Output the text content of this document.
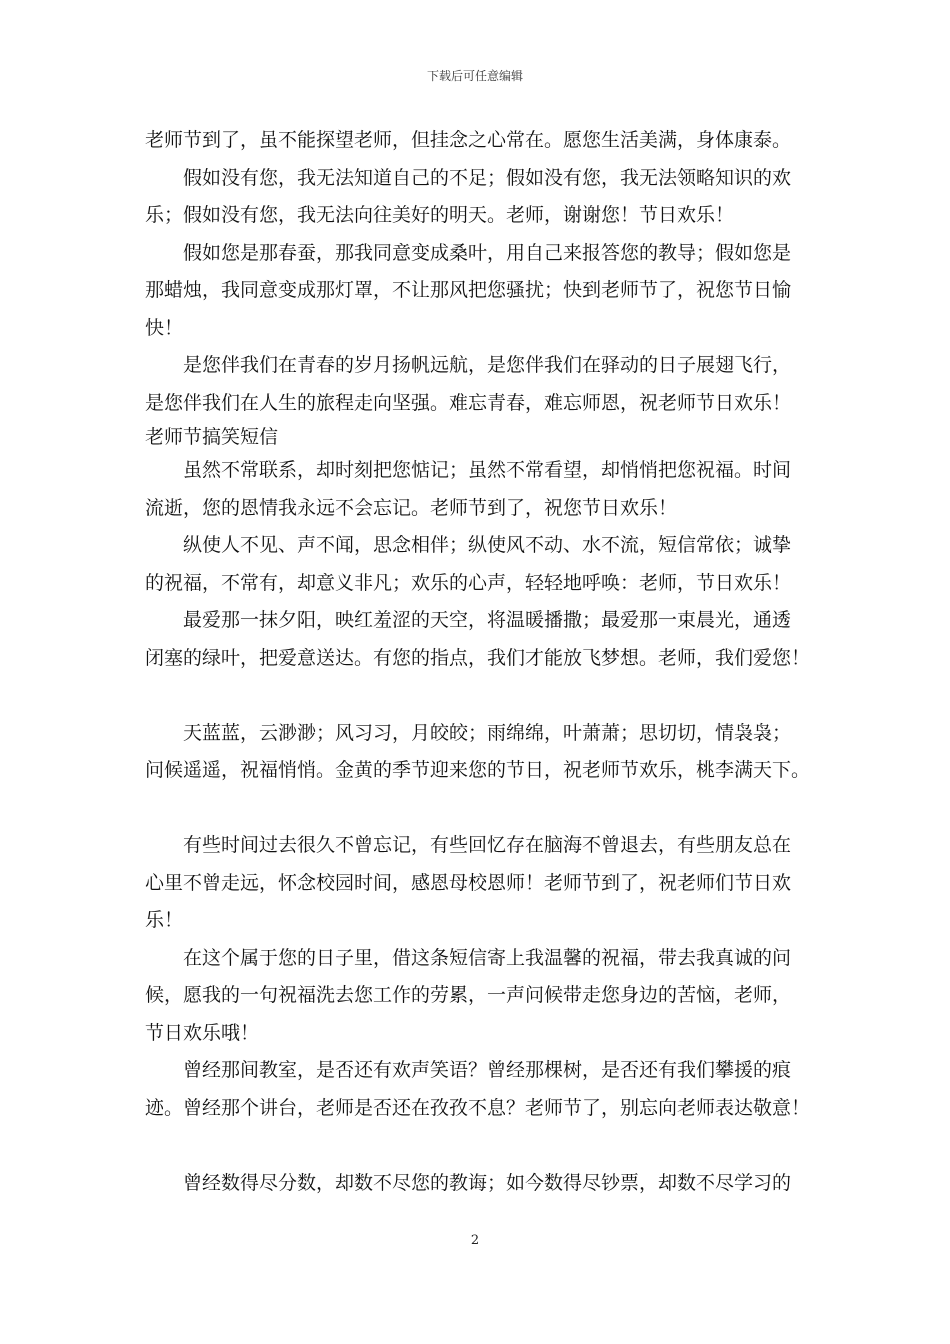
下载后可任意编辑
老师节到了，虽不能探望老师，但挂念之心常在。愿您生活美满，身体康泰。
假如没有您，我无法知道自己的不足；假如没有您，我无法领略知识的欢
乐；假如没有您，我无法向往美好的明天。老师，谢谢您！节日欢乐！
假如您是那春蚕，那我同意变成桑叶，用自己来报答您的教导；假如您是
那蜡烛，我同意变成那灯罩，不让那风把您骚扰；快到老师节了，祝您节日愉
快！
是您伴我们在青春的岁月扬帆远航，是您伴我们在驿动的日子展翅飞行，
是您伴我们在人生的旅程走向坚强。难忘青春，难忘师恩，祝老师节日欢乐！
老师节搞笑短信
虽然不常联系，却时刻把您惦记；虽然不常看望，却悄悄把您祝福。时间
流逝，您的恩情我永远不会忘记。老师节到了，祝您节日欢乐！
纵使人不见、声不闻，思念相伴；纵使风不动、水不流，短信常依；诚挚
的祝福，不常有，却意义非凡；欢乐的心声，轻轻地呼唤：老师，节日欢乐！
最爱那一抹夕阳，映红羞涩的天空，将温暖播撒；最爱那一束晨光，通透
闭塞的绿叶，把爱意送达。有您的指点，我们才能放飞梦想。老师，我们爱您！
天蓝蓝，云渺渺；风习习，月皎皎；雨绵绵，叶萧萧；思切切，情袅袅；
问候遥遥，祝福悄悄。金黄的季节迎来您的节日，祝老师节欢乐，桃李满天下。
有些时间过去很久不曾忘记，有些回忆存在脑海不曾退去，有些朋友总在
心里不曾走远，怀念校园时间，感恩母校恩师！老师节到了，祝老师们节日欢
乐！
在这个属于您的日子里，借这条短信寄上我温馨的祝福，带去我真诚的问
候，愿我的一句祝福洗去您工作的劳累，一声问候带走您身边的苦恼，老师，
节日欢乐哦！
曾经那间教室，是否还有欢声笑语？曾经那棵树，是否还有我们攀援的痕
迹。曾经那个讲台，老师是否还在孜孜不息？老师节了，别忘向老师表达敬意！
曾经数得尽分数，却数不尽您的教诲；如今数得尽钞票，却数不尽学习的
2
